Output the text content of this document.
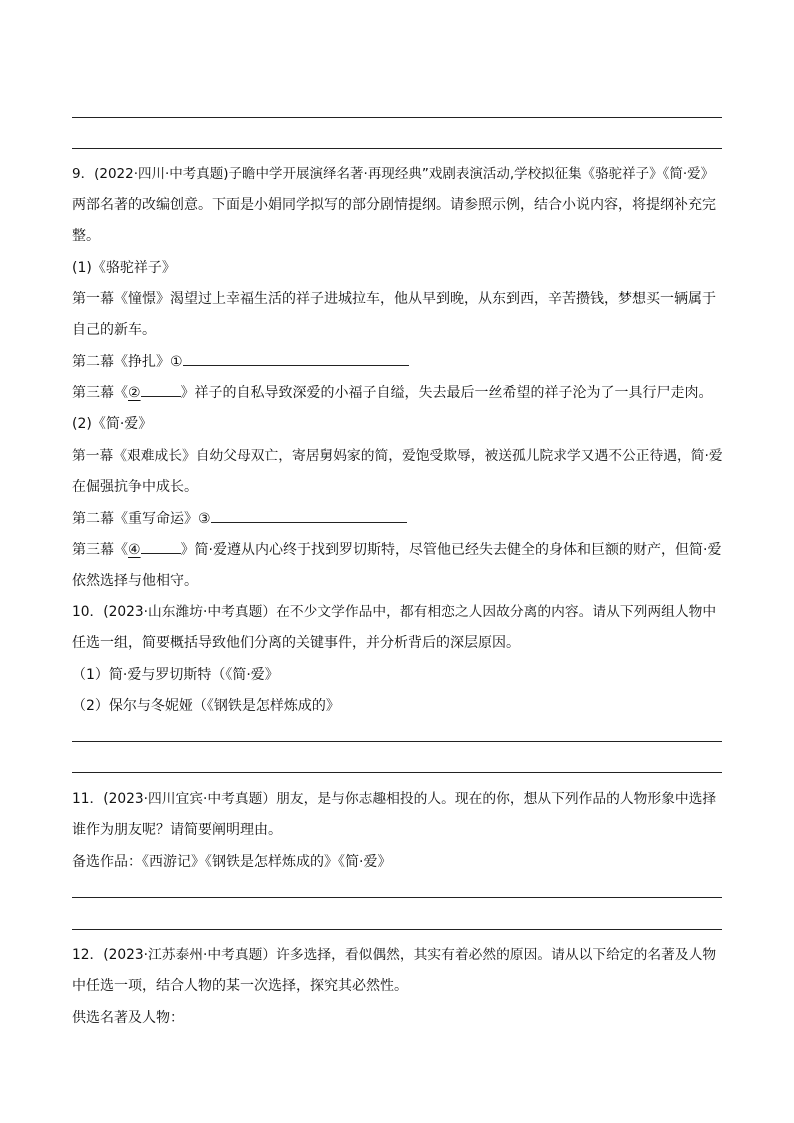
9．(2022·四川·中考真题)子瞻中学开展演绎名著·再现经典”戏剧表演活动,学校拟征集《骆驼祥子》《简·爱》
两部名著的改编创意。下面是小娟同学拟写的部分剧情提纲。请参照示例，结合小说内容，将提纲补充完
整。
(1)《骆驼祥子》
第一幕《憧憬》渴望过上幸福生活的祥子进城拉车，他从早到晚，从东到西，辛苦攒钱，梦想买一辆属于
自己的新车。
第二幕《挣扎》①
第三幕《②	》祥子的自私导致深爱的小福子自缢，失去最后一丝希望的祥子沦为了一具行尸走肉。
(2)《简·爱》
第一幕《艰难成长》自幼父母双亡，寄居舅妈家的简，爱饱受欺辱，被送孤儿院求学又遇不公正待遇，简·爱
在倔强抗争中成长。
第二幕《重写命运》③
第三幕《④	》简·爱遵从内心终于找到罗切斯特，尽管他已经失去健全的身体和巨额的财产，但简·爱
依然选择与他相守。
10．(2023·山东潍坊·中考真题）在不少文学作品中，都有相恋之人因故分离的内容。请从下列两组人物中
任选一组，简要概括导致他们分离的关键事件，并分析背后的深层原因。
（1）简·爱与罗切斯特（《简·爱》
（2）保尔与冬妮娅（《钢铁是怎样炼成的》
11．(2023·四川宜宾·中考真题）朋友，是与你志趣相投的人。现在的你，想从下列作品的人物形象中选择
谁作为朋友呢？请简要阐明理由。
备选作品：《西游记》《钢铁是怎样炼成的》《简·爱》
12．(2023·江苏泰州·中考真题）许多选择，看似偶然，其实有着必然的原因。请从以下给定的名著及人物
中任选一项，结合人物的某一次选择，探究其必然性。
供选名著及人物：
